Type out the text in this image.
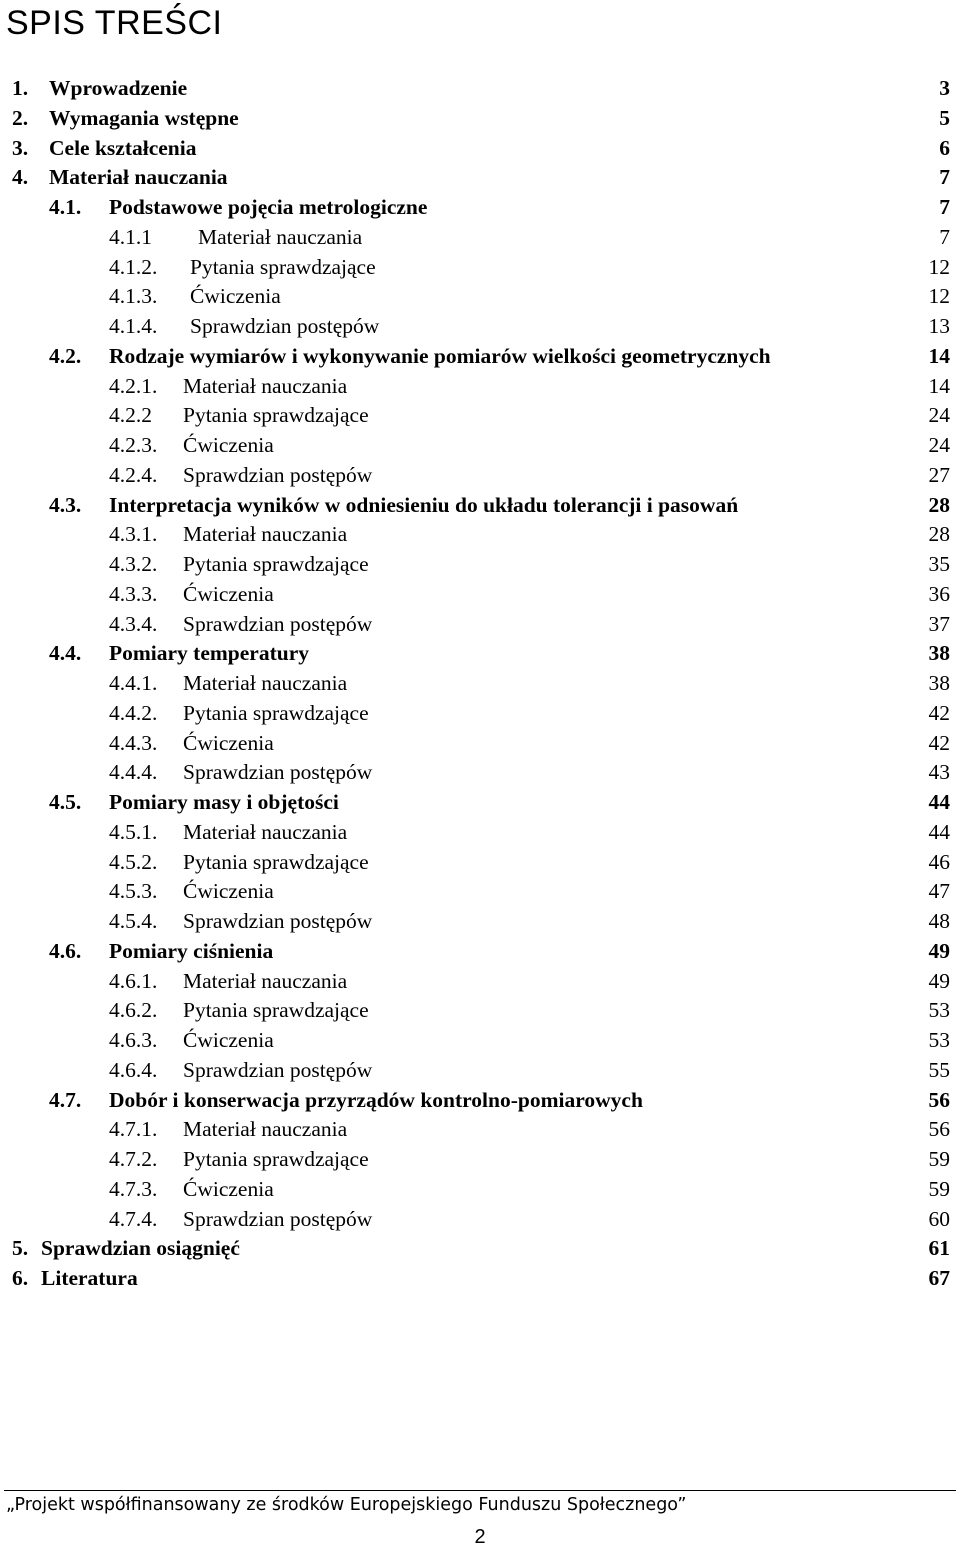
SPIS TREŚCI
1. Wprowadzenie	3
2. Wymagania wstępne	5
3. Cele kształcenia	6
4. Materiał nauczania	7
4.1. Podstawowe pojęcia metrologiczne	7
4.1.1 Materiał nauczania	7
4.1.2. Pytania sprawdzające	12
4.1.3. Ćwiczenia	12
4.1.4. Sprawdzian postępów	13
4.2. Rodzaje wymiarów i wykonywanie pomiarów wielkości geometrycznych	14
4.2.1. Materiał nauczania	14
4.2.2 Pytania sprawdzające	24
4.2.3. Ćwiczenia	24
4.2.4. Sprawdzian postępów	27
4.3. Interpretacja wyników w odniesieniu do układu tolerancji i pasowań	28
4.3.1. Materiał nauczania	28
4.3.2. Pytania sprawdzające	35
4.3.3. Ćwiczenia	36
4.3.4. Sprawdzian postępów	37
4.4. Pomiary temperatury	38
4.4.1. Materiał nauczania	38
4.4.2. Pytania sprawdzające	42
4.4.3. Ćwiczenia	42
4.4.4. Sprawdzian postępów	43
4.5. Pomiary masy i objętości	44
4.5.1. Materiał nauczania	44
4.5.2. Pytania sprawdzające	46
4.5.3. Ćwiczenia	47
4.5.4. Sprawdzian postępów	48
4.6. Pomiary ciśnienia	49
4.6.1. Materiał nauczania	49
4.6.2. Pytania sprawdzające	53
4.6.3. Ćwiczenia	53
4.6.4. Sprawdzian postępów	55
4.7. Dobór i konserwacja przyrządów kontrolno-pomiarowych	56
4.7.1. Materiał nauczania	56
4.7.2. Pytania sprawdzające	59
4.7.3. Ćwiczenia	59
4.7.4. Sprawdzian postępów	60
5. Sprawdzian osiągnięć	61
6. Literatura	67
„Projekt współfinansowany ze środków Europejskiego Funduszu Społecznego”
2
